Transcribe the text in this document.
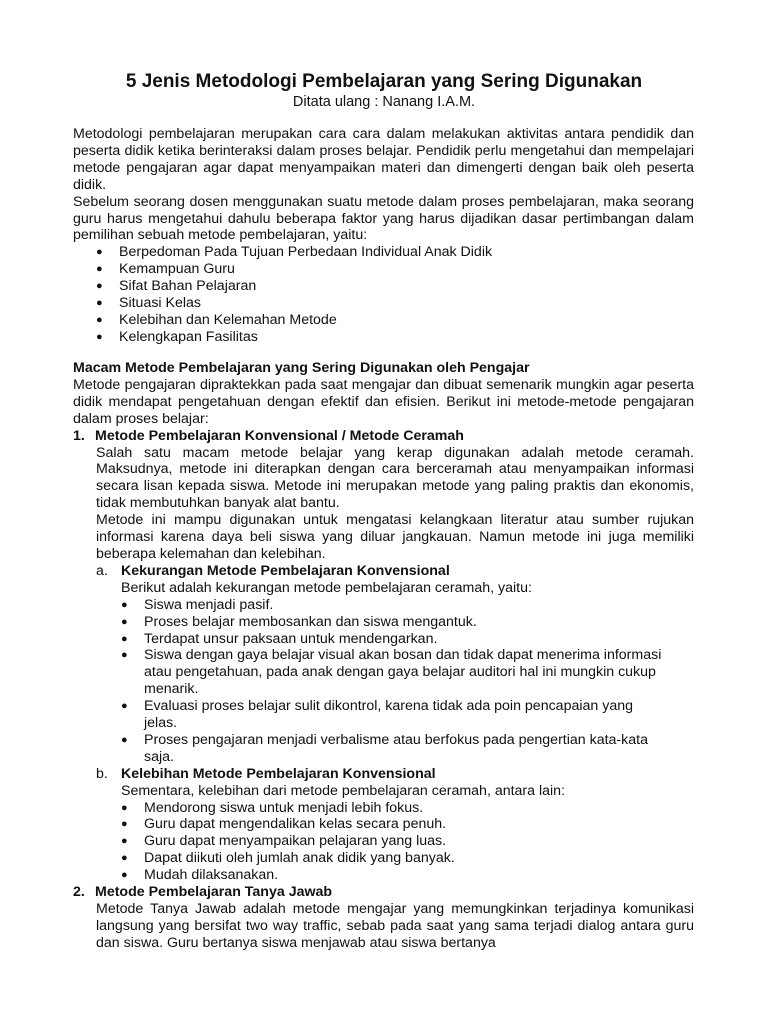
5 Jenis Metodologi Pembelajaran yang Sering Digunakan
Ditata ulang : Nanang I.A.M.

Metodologi pembelajaran merupakan cara cara dalam melakukan aktivitas antara pendidik dan peserta didik ketika berinteraksi dalam proses belajar. Pendidik perlu mengetahui dan mempelajari metode pengajaran agar dapat menyampaikan materi dan dimengerti dengan baik oleh peserta didik.

Sebelum seorang dosen menggunakan suatu metode dalam proses pembelajaran, maka seorang guru harus mengetahui dahulu beberapa faktor yang harus dijadikan dasar pertimbangan dalam pemilihan sebuah metode pembelajaran, yaitu:

●	Berpedoman Pada Tujuan Perbedaan Individual Anak Didik
●	Kemampuan Guru
●	Sifat Bahan Pelajaran
●	Situasi Kelas
●	Kelebihan dan Kelemahan Metode
●	Kelengkapan Fasilitas

Macam Metode Pembelajaran yang Sering Digunakan oleh Pengajar

Metode pengajaran dipraktekkan pada saat mengajar dan dibuat semenarik mungkin agar peserta didik mendapat pengetahuan dengan efektif dan efisien. Berikut ini metode-metode pengajaran dalam proses belajar:

1. Metode Pembelajaran Konvensional / Metode Ceramah

Salah satu macam metode belajar yang kerap digunakan adalah metode ceramah. Maksudnya, metode ini diterapkan dengan cara berceramah atau menyampaikan informasi secara lisan kepada siswa. Metode ini merupakan metode yang paling praktis dan ekonomis, tidak membutuhkan banyak alat bantu.

Metode ini mampu digunakan untuk mengatasi kelangkaan literatur atau sumber rujukan informasi karena daya beli siswa yang diluar jangkauan. Namun metode ini juga memiliki beberapa kelemahan dan kelebihan.

a. Kekurangan Metode Pembelajaran Konvensional

Berikut adalah kekurangan metode pembelajaran ceramah, yaitu:

●	Siswa menjadi pasif.
●	Proses belajar membosankan dan siswa mengantuk.
●	Terdapat unsur paksaan untuk mendengarkan.
●	Siswa dengan gaya belajar visual akan bosan dan tidak dapat menerima informasi atau pengetahuan, pada anak dengan gaya belajar auditori hal ini mungkin cukup menarik.
●	Evaluasi proses belajar sulit dikontrol, karena tidak ada poin pencapaian yang jelas.
●	Proses pengajaran menjadi verbalisme atau berfokus pada pengertian kata-kata saja.
b. Kelebihan Metode Pembelajaran Konvensional

Sementara, kelebihan dari metode pembelajaran ceramah, antara lain:

●	Mendorong siswa untuk menjadi lebih fokus.
●	Guru dapat mengendalikan kelas secara penuh.
●	Guru dapat menyampaikan pelajaran yang luas.
●	Dapat diikuti oleh jumlah anak didik yang banyak.
●	Mudah dilaksanakan.
2. Metode Pembelajaran Tanya Jawab

Metode Tanya Jawab adalah metode mengajar yang memungkinkan terjadinya komunikasi langsung yang bersifat two way traffic, sebab pada saat yang sama terjadi dialog antara guru dan siswa. Guru bertanya siswa menjawab atau siswa bertanya
